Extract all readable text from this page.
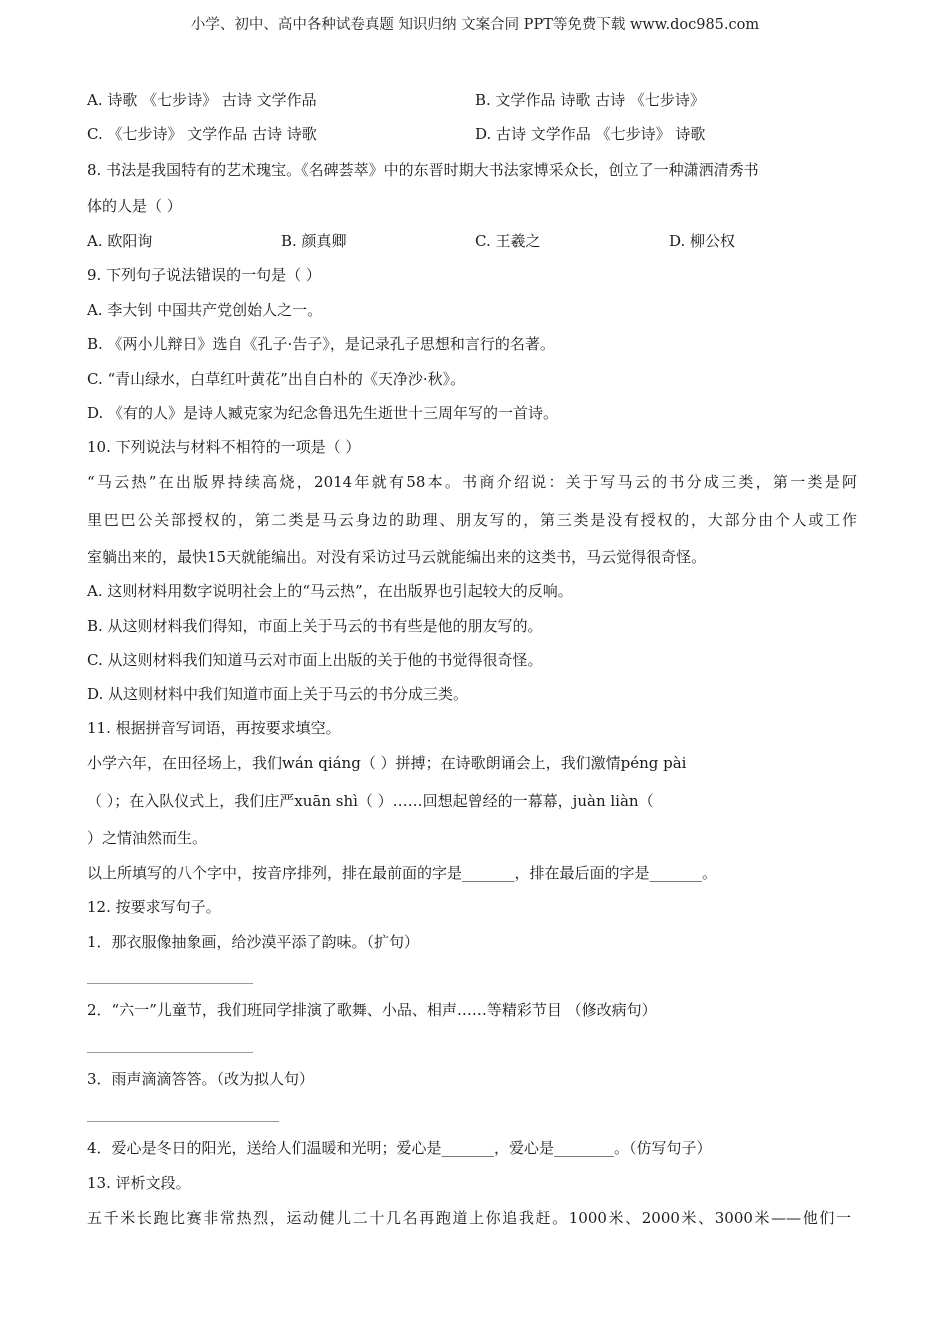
小学、初中、高中各种试卷真题 知识归纳 文案合同 PPT等免费下载 www.doc985.com
A. 诗歌 《七步诗》 古诗 文学作品	B. 文学作品 诗歌 古诗 《七步诗》
C. 《七步诗》 文学作品 古诗 诗歌	D. 古诗 文学作品 《七步诗》 诗歌
8. 书法是我国特有的艺术瑰宝。《名碑荟萃》中的东晋时期大书法家博采众长，创立了一种潇洒清秀书
体的人是（ ）
A. 欧阳询	B. 颜真卿	C. 王羲之	D. 柳公权
9. 下列句子说法错误的一句是（ ）
A. 李大钊 中国共产党创始人之一。
B. 《两小儿辩日》选自《孔子·告子》，是记录孔子思想和言行的名著。
C. “青山绿水，白草红叶黄花”出自白朴的《天净沙·秋》。
D. 《有的人》是诗人臧克家为纪念鲁迅先生逝世十三周年写的一首诗。
10. 下列说法与材料不相符的一项是（ ）
“马云热”在出版界持续高烧，2014年就有58本。书商介绍说：关于写马云的书分成三类，第一类是阿
里巴巴公关部授权的，第二类是马云身边的助理、朋友写的，第三类是没有授权的，大部分由个人或工作
室躺出来的，最快15天就能编出。对没有采访过马云就能编出来的这类书，马云觉得很奇怪。
A. 这则材料用数字说明社会上的“马云热”，在出版界也引起较大的反响。
B. 从这则材料我们得知，市面上关于马云的书有些是他的朋友写的。
C. 从这则材料我们知道马云对市面上出版的关于他的书觉得很奇怪。
D. 从这则材料中我们知道市面上关于马云的书分成三类。
11. 根据拼音写词语，再按要求填空。
小学六年，在田径场上，我们wán qiáng（ ）拼搏；在诗歌朗诵会上，我们激情péng pài
（ ）；在入队仪式上，我们庄严xuān shì（ ）……回想起曾经的一幕幕，juàn liàn（
）之情油然而生。
以上所填写的八个字中，按音序排列，排在最前面的字是_______，排在最后面的字是_______。
12. 按要求写句子。
1．那衣服像抽象画，给沙漠平添了韵味。（扩句）
2．“六一”儿童节，我们班同学排演了歌舞、小品、相声……等精彩节目 （修改病句）
3．雨声滴滴答答。（改为拟人句）
4．爱心是冬日的阳光，送给人们温暖和光明；爱心是_______，爱心是________。（仿写句子）
13. 评析文段。
五千米长跑比赛非常热烈，运动健儿二十几名再跑道上你追我赶。1000米、2000米、3000米——他们一
